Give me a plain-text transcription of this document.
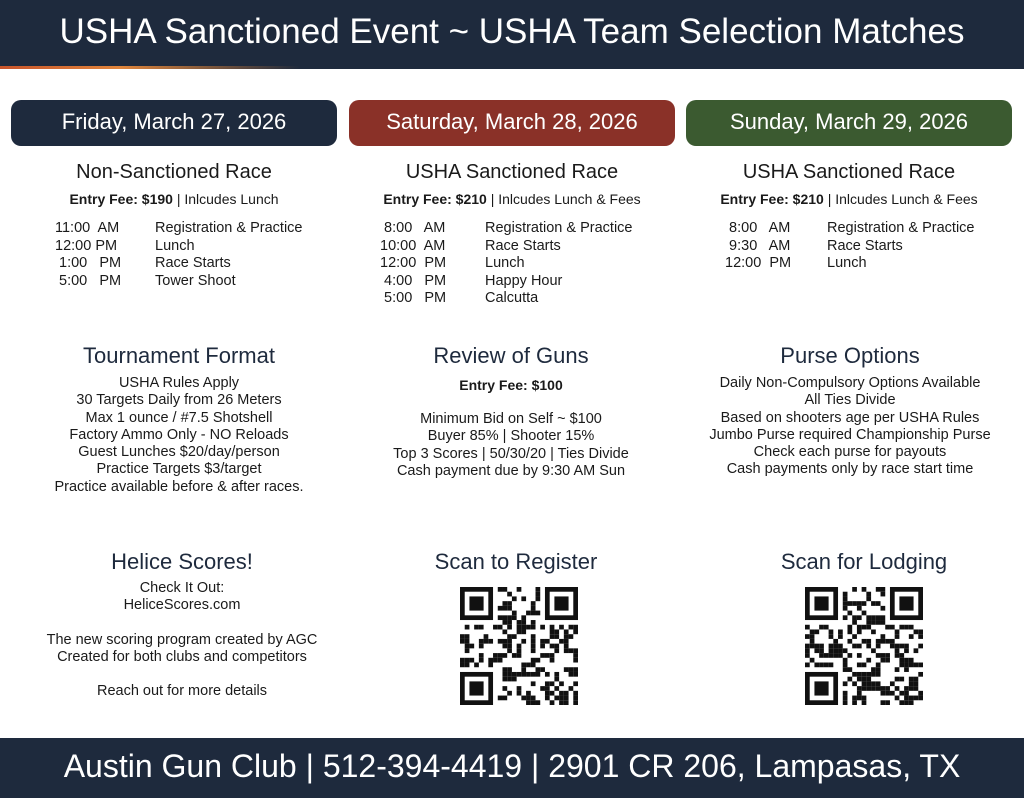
USHA Sanctioned Event ~ USHA Team Selection Matches
Friday, March 27, 2026
Non-Sanctioned Race
Entry Fee: $190 | Inlcudes Lunch
11:00  AM Registration & Practice
12:00 PM	Lunch
1:00   PM Race Starts
5:00   PM Tower Shoot
Saturday, March 28, 2026
USHA Sanctioned Race
Entry Fee: $210 | Inlcudes Lunch & Fees
8:00   AM	Registration & Practice
10:00  AM	Race Starts
12:00  PM	Lunch
4:00   PM	Happy Hour
5:00   PM	Calcutta
Sunday, March 29, 2026
USHA Sanctioned Race
Entry Fee: $210 | Inlcudes Lunch & Fees
8:00   AM	Registration & Practice
9:30   AM	Race Starts
12:00  PM Lunch
Tournament Format
USHA Rules Apply
30 Targets Daily from 26 Meters
Max 1 ounce / #7.5 Shotshell
Factory Ammo Only - NO Reloads
Guest Lunches $20/day/person
Practice Targets $3/target
Practice available before & after races.
Review of Guns
Entry Fee: $100
Minimum Bid on Self ~ $100
Buyer 85% | Shooter 15%
Top 3 Scores | 50/30/20 | Ties Divide
Cash payment due by 9:30 AM Sun
Purse Options
Daily Non-Compulsory Options Available
All Ties Divide
Based on shooters age per USHA Rules
Jumbo Purse required Championship Purse
Check each purse for payouts
Cash payments only by race start time
Helice Scores!
Check It Out:
HeliceScores.com
The new scoring program created by AGC
Created for both clubs and competitors
Reach out for more details
Scan to Register	Scan for Lodging
Austin Gun Club | 512-394-4419 | 2901 CR 206, Lampasas, TX
